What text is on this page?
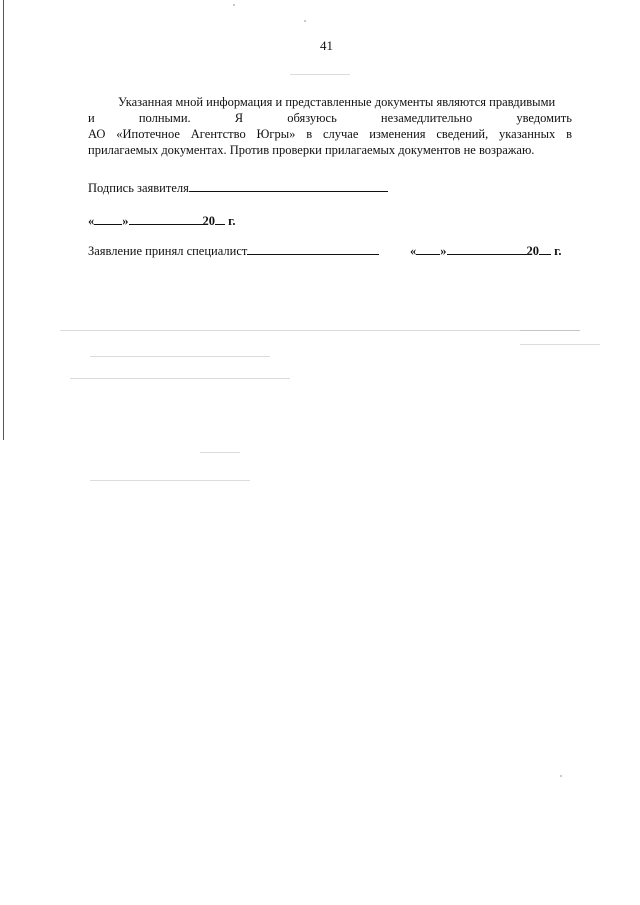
41

Указанная мной информация и представленные документы являются правдивыми

и	полными.	Я	обязуюсь	незамедлительно	уведомить

АО «Ипотечное Агентство Югры» в случае изменения сведений, указанных в

прилагаемых документах. Против проверки прилагаемых документов не возражаю.

Подпись заявителя
« »	20 г.
Заявление принял специалист	« »	20 г.
